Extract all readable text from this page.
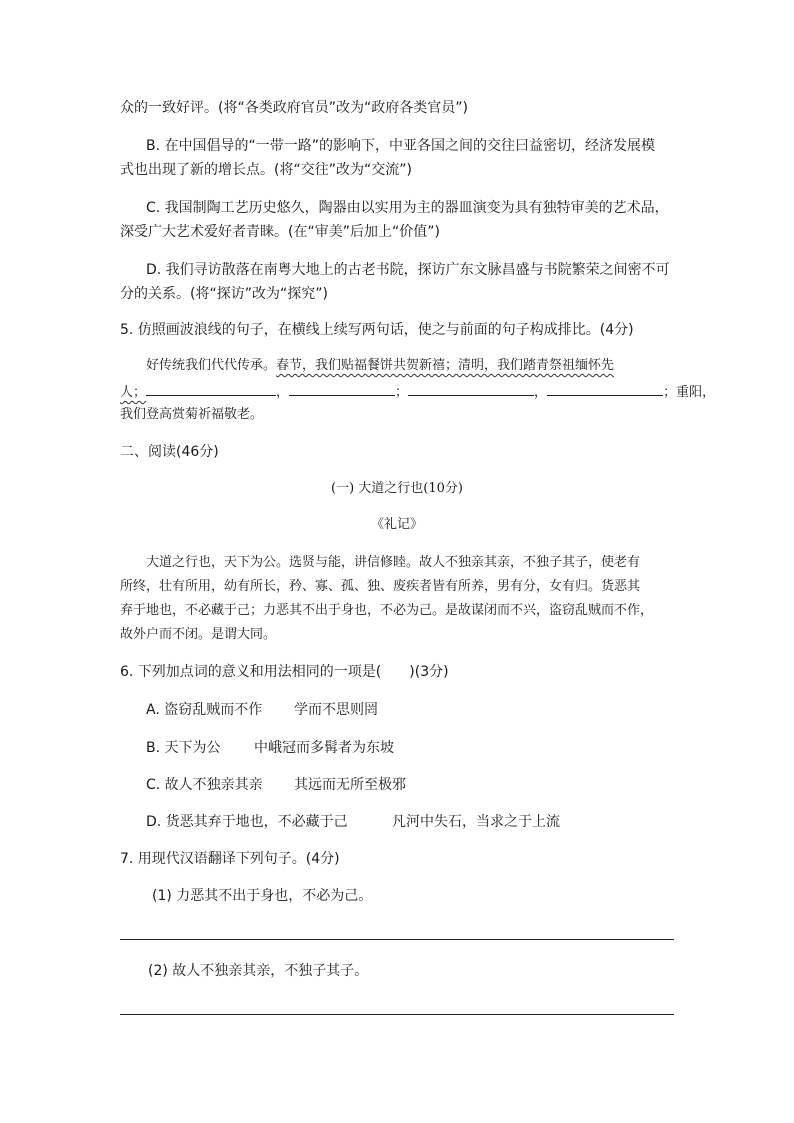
众的一致好评。(将“各类政府官员”改为“政府各类官员”)
B. 在中国倡导的“一带一路”的影响下，中亚各国之间的交往曰益密切，经济发展模
式也出现了新的增长点。(将“交往”改为“交流”)
C. 我国制陶工艺历史悠久，陶器由以实用为主的器皿演变为具有独特审美的艺术品，
深受广大艺术爱好者青睐。(在“审美”后加上“价值”)
D. 我们寻访散落在南粤大地上的古老书院，探访广东文脉昌盛与书院繁荣之间密不可
分的关系。(将“探访”改为“探究”)
5. 仿照画波浪线的句子，在横线上续写两句话，使之与前面的句子构成排比。(4分)
好传统我们代代传承。春节，我们贴福餐饼共贺新禧；清明，我们踏青祭祖缅怀先
人；	，	；	，	；重阳，
我们登高赏菊祈福敬老。
二、阅读(46分)
(一) 大道之行也(10分)
《礼记》
大道之行也，天下为公。选贤与能，讲信修睦。故人不独亲其亲，不独子其子，使老有
所终，壮有所用，幼有所长，矜、寡、孤、独、废疾者皆有所养，男有分，女有归。货恶其
弃于地也，不必藏于己；力恶其不出于身也，不必为己。是故谋闭而不兴，盗窃乱贼而不作，
故外户而不闭。是谓大同。
6. 下列加点词的意义和用法相同的一项是( )(3分)
A. 盗窃乱贼而不作 学而不思则罔
B. 天下为公 中峨冠而多髯者为东坡
C. 故人不独亲其亲 其远而无所至极邪
D. 货恶其弃于地也，不必藏于己	凡河中失石，当求之于上流
7. 用现代汉语翻译下列句子。(4分)
(1) 力恶其不出于身也，不必为己。
(2) 故人不独亲其亲，不独子其子。
